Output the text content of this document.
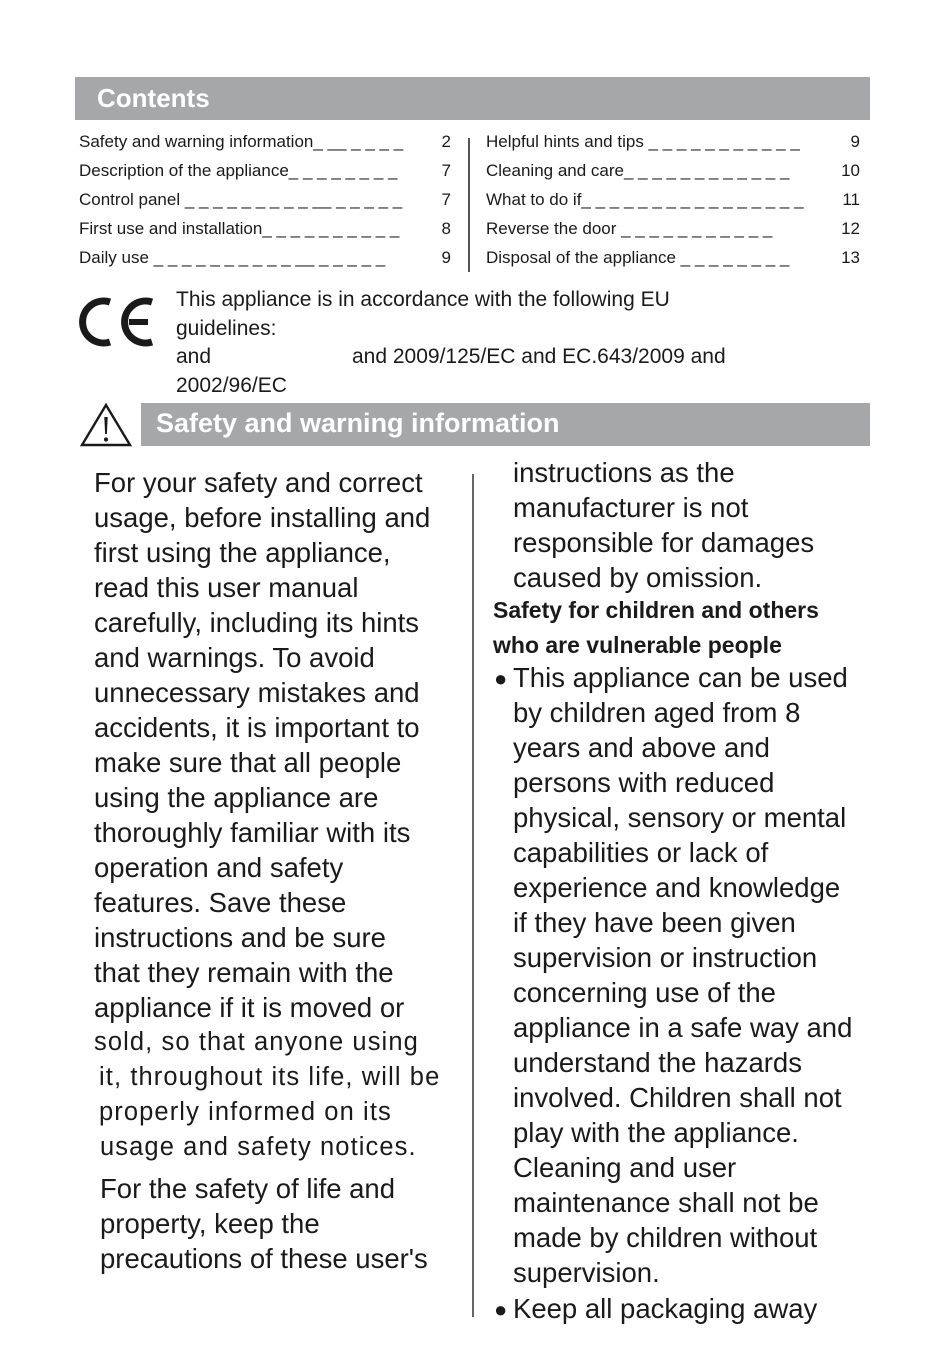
Contents
Safety and warning information_ __ _ _ _ _ 2
Description of the appliance_ _ _ _ _ _ _ _	7
Control panel _ _ _ _ _ _ _ _ _ __ _ _ _ _ _ 7
First use and installation_ _ _ _ _ _ _ _ _ _ 8
Daily use _ _ _ _ _ _ _ _ _ _ __ _ _ _ _ _	9
Helpful hints and tips _ _ _ _ _ _ _ _ _ _ _	9
Cleaning and care_ _ _ _ _ _ _ _ _ _ _ _	10
What to do if_ _ _ _ _ _ _ _ _ _ _ _ _ _ _ _ 11
Reverse the door _ _ _ _ _ _ _ _ _ _ _	12
Disposal of the appliance _ _ _ _ _ _ _ _	13
This appliance is in accordance with the following EU
guidelines:
and	and 2009/125/EC and EC.643/2009 and
2002/96/EC
Safety and warning information
For your safety and correct
usage, before installing and
first using the appliance,
read this user manual
carefully, including its hints
and warnings. To avoid
unnecessary mistakes and
accidents, it is important to
make sure that all people
using the appliance are
thoroughly familiar with its
operation and safety
features. Save these
instructions and be sure
that they remain with the
appliance if it is moved or
sold, so that anyone using
it, throughout its life, will be
properly informed on its
usage and safety notices.
For the safety of life and
property, keep the
precautions of these user's
instructions as the
manufacturer is not
responsible for damages
caused by omission.
Safety for children and others
who are vulnerable people
● This appliance can be used
by children aged from 8
years and above and
persons with reduced
physical, sensory or mental
capabilities or lack of
experience and knowledge
if they have been given
supervision or instruction
concerning use of the
appliance in a safe way and
understand the hazards
involved. Children shall not
play with the appliance.
Cleaning and user
maintenance shall not be
made by children without
supervision.
● Keep all packaging away
